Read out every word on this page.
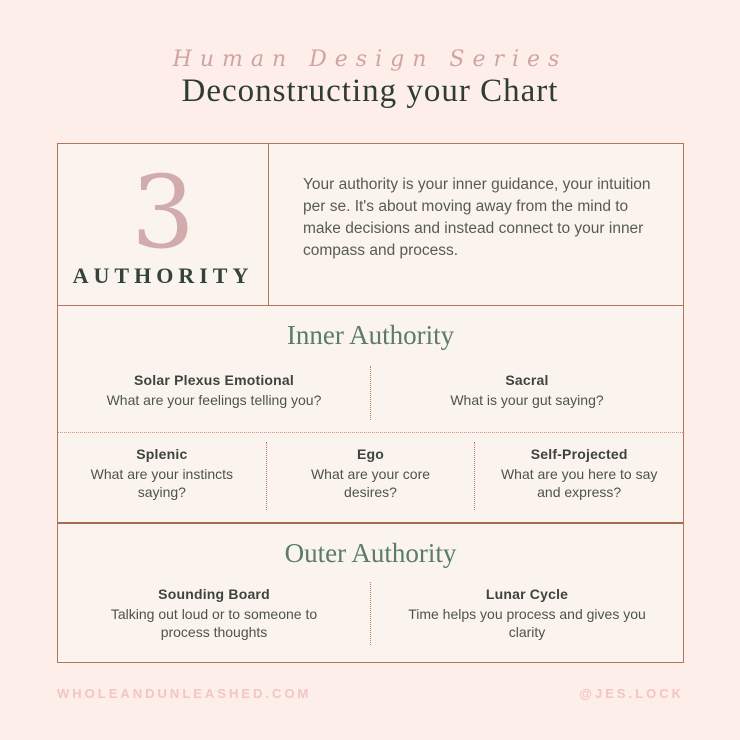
Human Design Series
Deconstructing your Chart
3
AUTHORITY
Your authority is your inner guidance, your intuition per se. It's about moving away from the mind to make decisions and instead connect to your inner compass and process.
Inner Authority
Solar Plexus Emotional
What are your feelings telling you?
Sacral
What is your gut saying?
Splenic
What are your instincts saying?
Ego
What are your core desires?
Self-Projected
What are you here to say and express?
Outer Authority
Sounding Board
Talking out loud or to someone to process thoughts
Lunar Cycle
Time helps you process and gives you clarity
WHOLEANDUNLEASHED.COM	@JES.LOCK
